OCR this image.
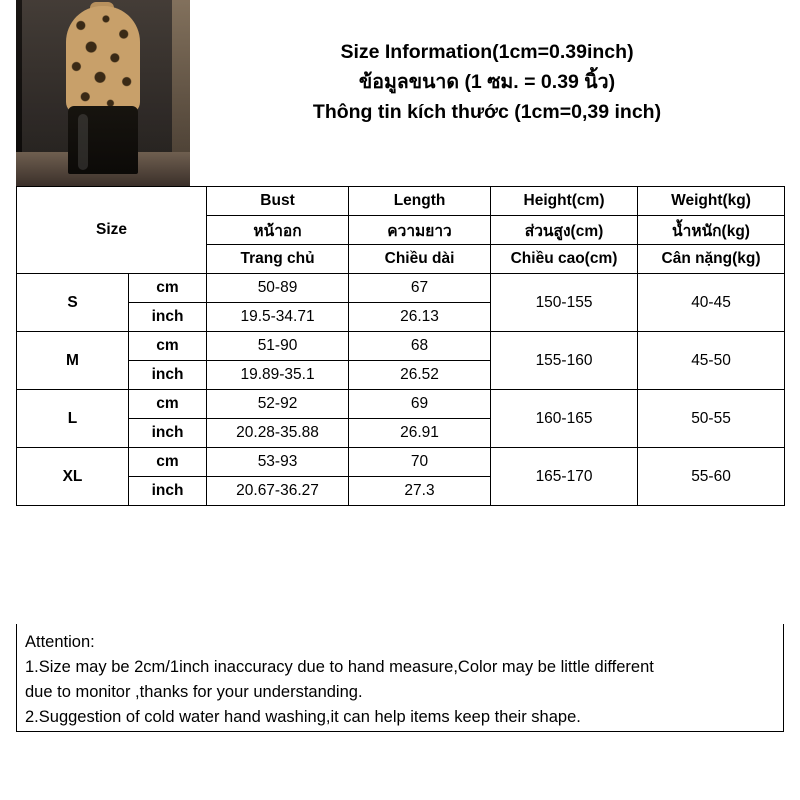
Size Information(1cm=0.39inch)
ข้อมูลขนาด (1 ซม. = 0.39 นิ้ว)
Thông tin kích thước (1cm=0,39 inch)
Size		Bust	Length	Height(cm)	Weight(kg)
		หน้าอก	ความยาว	ส่วนสูง(cm)	น้ำหนัก(kg)
		Trang chủ	Chiều dài	Chiều cao(cm)	Cân nặng(kg)
S	cm	50-89	67	150-155	40-45
	inch	19.5-34.71	26.13		
M	cm	51-90	68	155-160	45-50
	inch	19.89-35.1	26.52		
L	cm	52-92	69	160-165	50-55
	inch	20.28-35.88	26.91		
XL	cm	53-93	70	165-170	55-60
	inch	20.67-36.27	27.3		

Attention:

1.Size may be 2cm/1inch inaccuracy due to hand measure,Color may be little different

due to monitor ,thanks for your understanding.

2.Suggestion of cold water hand washing,it can help items keep their shape.
